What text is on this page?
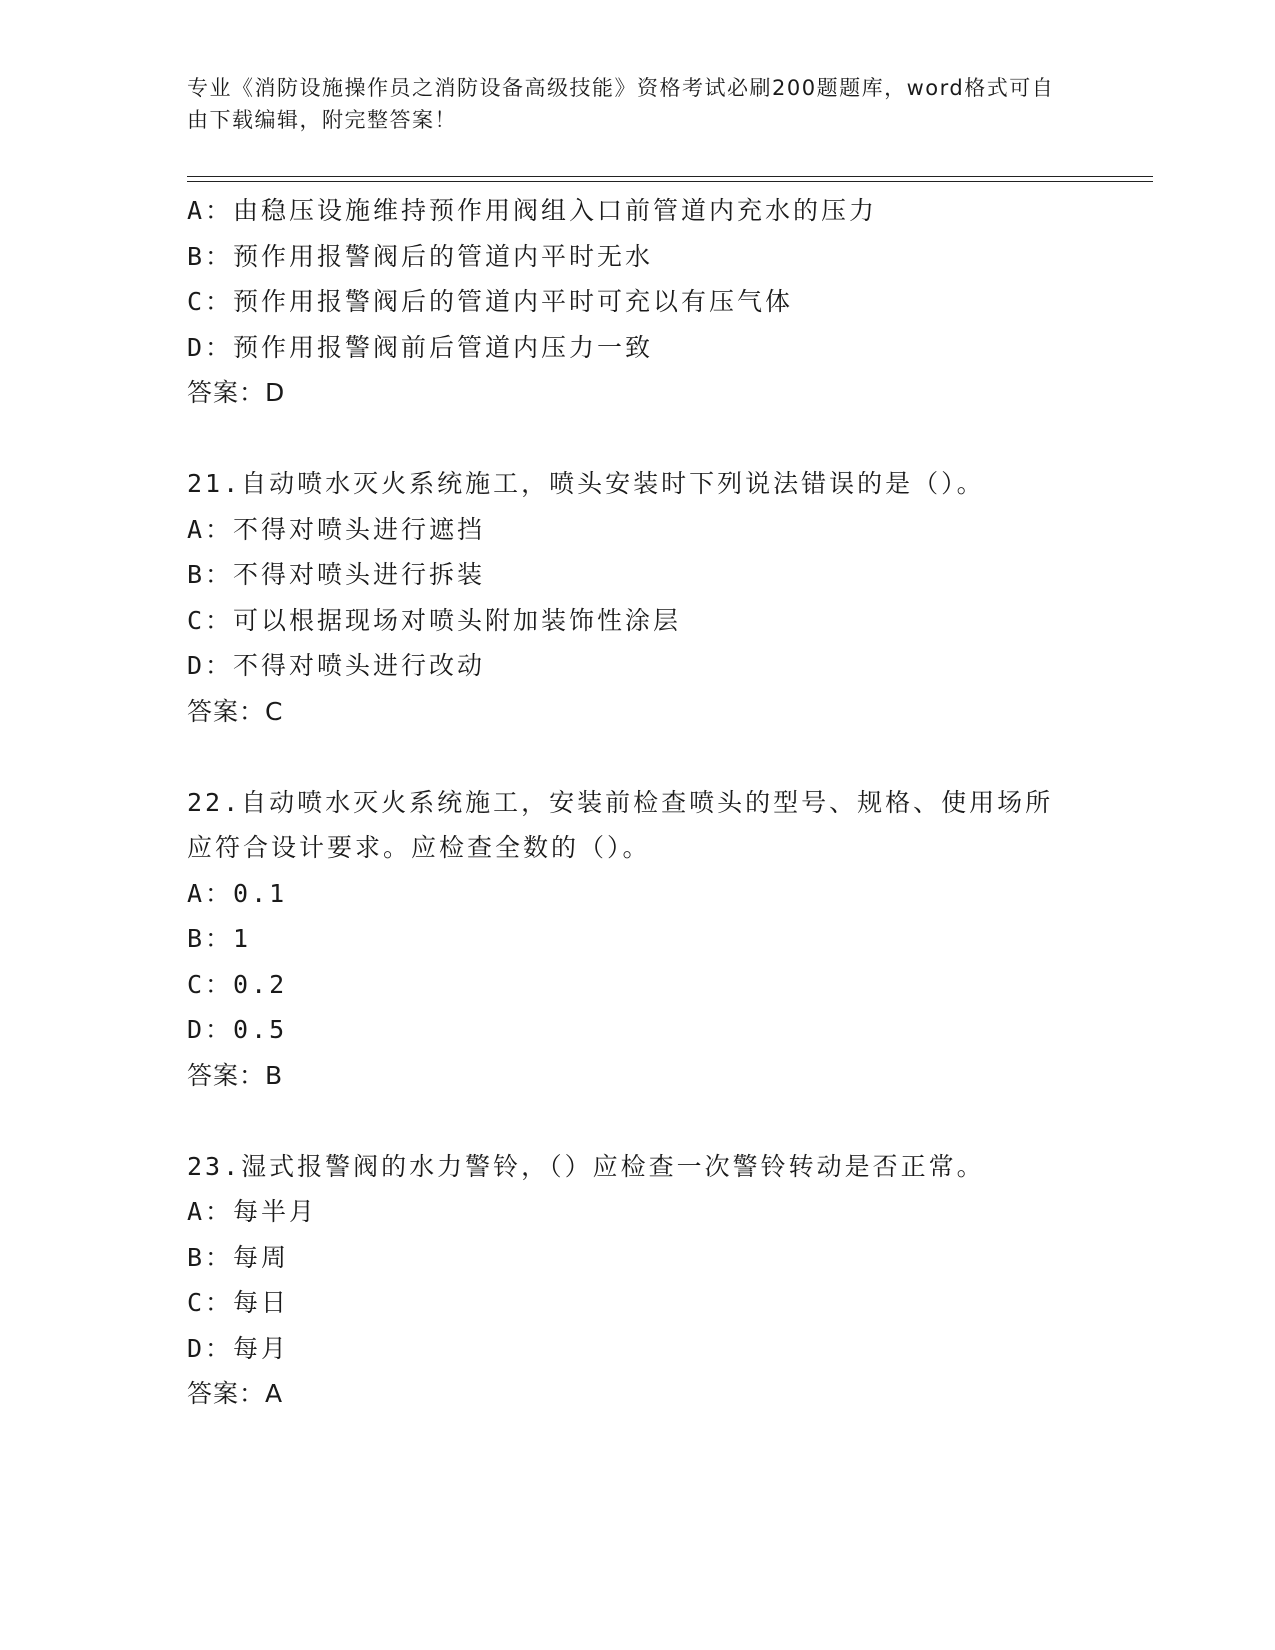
专业《消防设施操作员之消防设备高级技能》资格考试必刷200题题库，word格式可自由下载编辑，附完整答案！
A：由稳压设施维持预作用阀组入口前管道内充水的压力
B：预作用报警阀后的管道内平时无水
C：预作用报警阀后的管道内平时可充以有压气体
D：预作用报警阀前后管道内压力一致
答案：D
21.自动喷水灭火系统施工，喷头安装时下列说法错误的是（）。
A：不得对喷头进行遮挡
B：不得对喷头进行拆装
C：可以根据现场对喷头附加装饰性涂层
D：不得对喷头进行改动
答案：C
22.自动喷水灭火系统施工，安装前检查喷头的型号、规格、使用场所
应符合设计要求。应检查全数的（）。
A：0.1
B：1
C：0.2
D：0.5
答案：B
23.湿式报警阀的水力警铃，（）应检查一次警铃转动是否正常。
A：每半月
B：每周
C：每日
D：每月
答案：A
